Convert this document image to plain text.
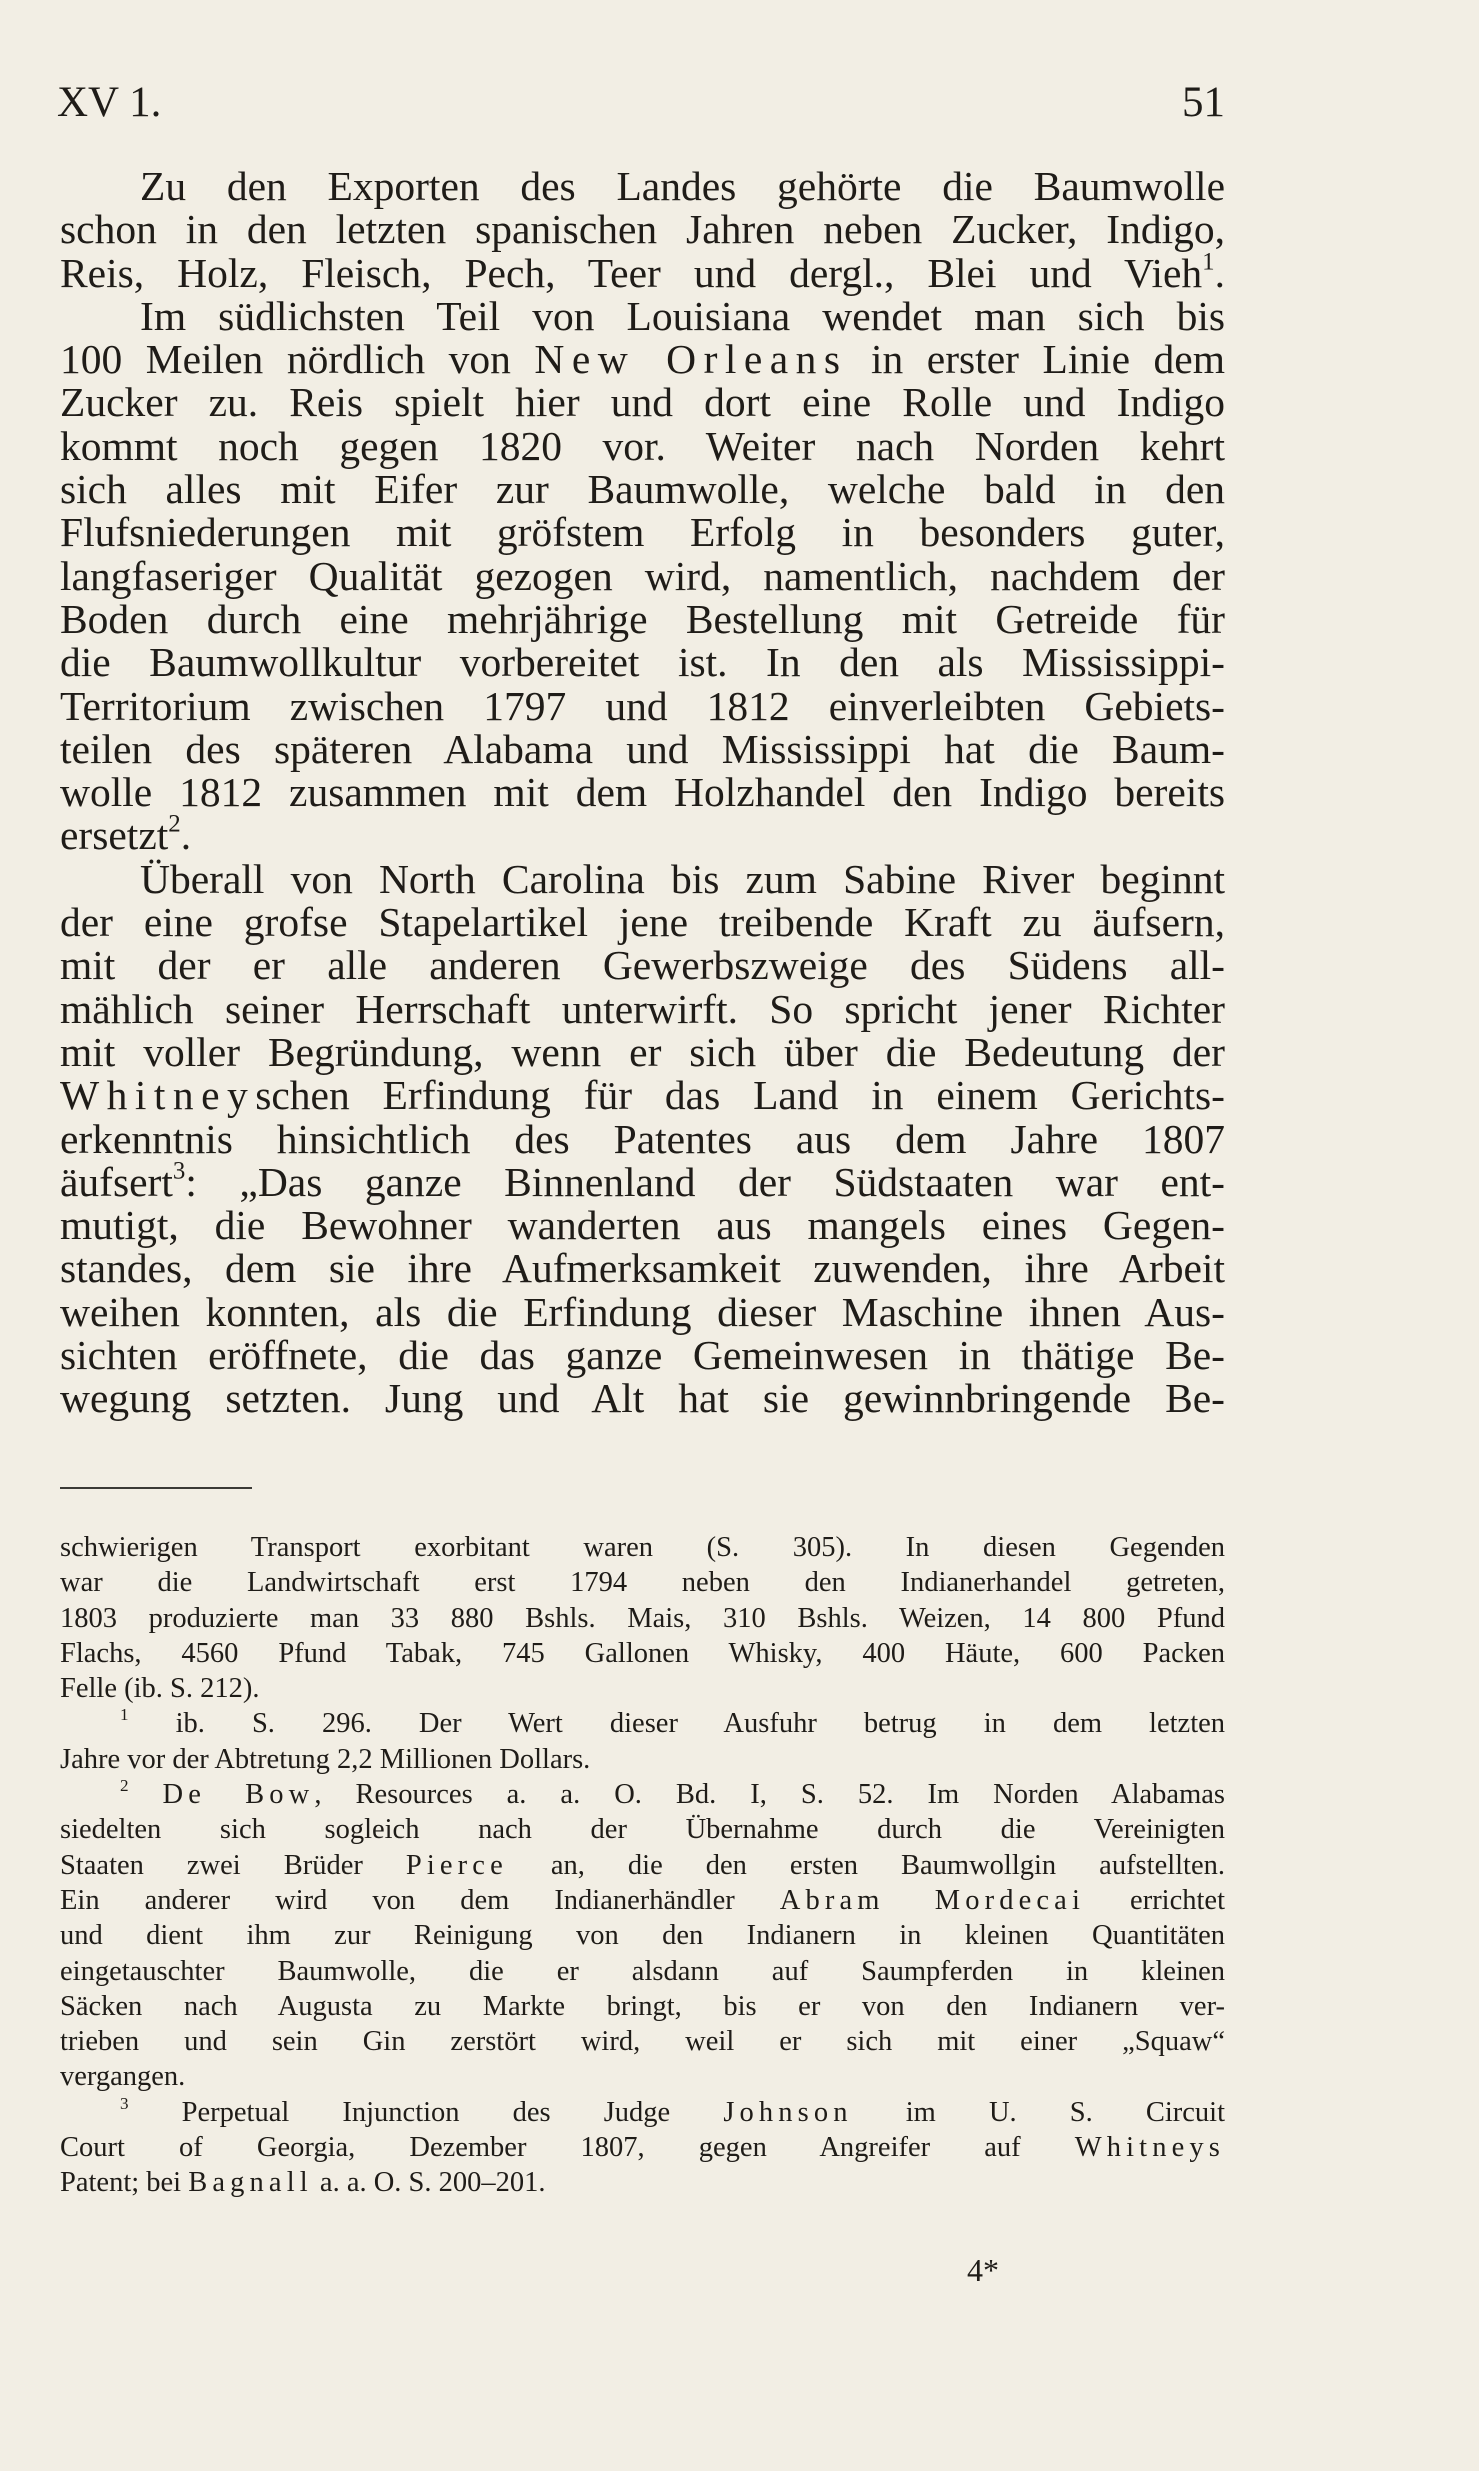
XV 1.	51
Zu den Exporten des Landes gehörte die Baumwolle
schon in den letzten spanischen Jahren neben Zucker, Indigo,
Reis, Holz, Fleisch, Pech, Teer und dergl., Blei und Vieh$^1$.
Im südlichsten Teil von Louisiana wendet man sich bis
100 Meilen nördlich von New Orleans in erster Linie dem
Zucker zu. Reis spielt hier und dort eine Rolle und Indigo
kommt noch gegen 1820 vor. Weiter nach Norden kehrt
sich alles mit Eifer zur Baumwolle, welche bald in den
Flufsniederungen mit gröfstem Erfolg in besonders guter,
langfaseriger Qualität gezogen wird, namentlich, nachdem der
Boden durch eine mehrjährige Bestellung mit Getreide für
die Baumwollkultur vorbereitet ist. In den als Mississippi-
Territorium zwischen 1797 und 1812 einverleibten Gebiets-
teilen des späteren Alabama und Mississippi hat die Baum-
wolle 1812 zusammen mit dem Holzhandel den Indigo bereits
ersetzt$^2$.
Überall von North Carolina bis zum Sabine River beginnt
der eine grofse Stapelartikel jene treibende Kraft zu äufsern,
mit der er alle anderen Gewerbszweige des Südens all-
mählich seiner Herrschaft unterwirft. So spricht jener Richter
mit voller Begründung, wenn er sich über die Bedeutung der
Whitneyschen Erfindung für das Land in einem Gerichts-
erkenntnis hinsichtlich des Patentes aus dem Jahre 1807
äufsert$^3$: „Das ganze Binnenland der Südstaaten war ent-
mutigt, die Bewohner wanderten aus mangels eines Gegen-
standes, dem sie ihre Aufmerksamkeit zuwenden, ihre Arbeit
weihen konnten, als die Erfindung dieser Maschine ihnen Aus-
sichten eröffnete, die das ganze Gemeinwesen in thätige Be-
wegung setzten. Jung und Alt hat sie gewinnbringende Be-
schwierigen Transport exorbitant waren (S. 305). In diesen Gegenden
war die Landwirtschaft erst 1794 neben den Indianerhandel getreten,
1803 produzierte man 33 880 Bshls. Mais, 310 Bshls. Weizen, 14 800 Pfund
Flachs, 4560 Pfund Tabak, 745 Gallonen Whisky, 400 Häute, 600 Packen
Felle (ib. S. 212).
$^1$ ib. S. 296. Der Wert dieser Ausfuhr betrug in dem letzten
Jahre vor der Abtretung 2,2 Millionen Dollars.
$^2$ De Bow, Resources a. a. O. Bd. I, S. 52. Im Norden Alabamas
siedelten sich sogleich nach der Übernahme durch die Vereinigten
Staaten zwei Brüder Pierce an, die den ersten Baumwollgin aufstellten.
Ein anderer wird von dem Indianerhändler Abram Mordecai errichtet
und dient ihm zur Reinigung von den Indianern in kleinen Quantitäten
eingetauschter Baumwolle, die er alsdann auf Saumpferden in kleinen
Säcken nach Augusta zu Markte bringt, bis er von den Indianern ver-
trieben und sein Gin zerstört wird, weil er sich mit einer „Squaw“
vergangen.
$^3$ Perpetual Injunction des Judge Johnson im U. S. Circuit
Court of Georgia, Dezember 1807, gegen Angreifer auf Whitneys
Patent; bei Bagnall a. a. O. S. 200–201.
4*
